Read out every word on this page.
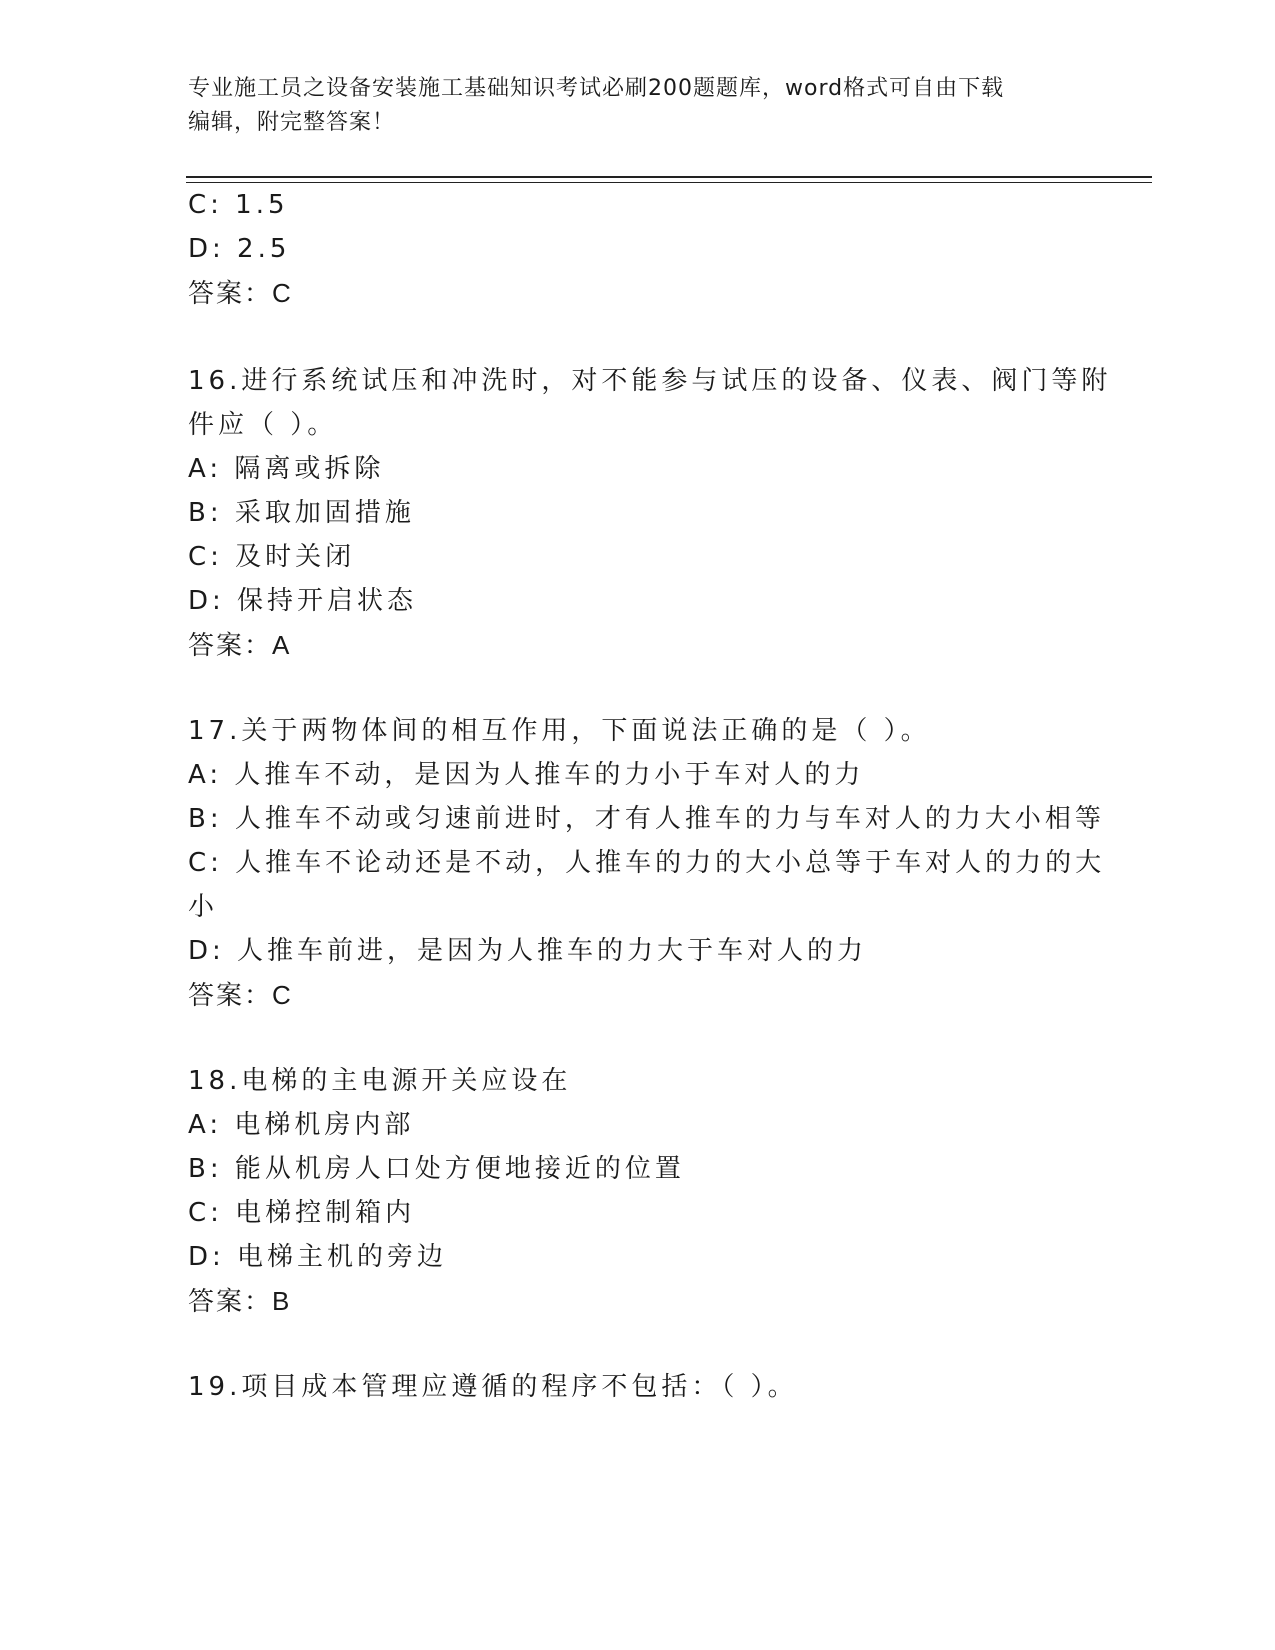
专业施工员之设备安装施工基础知识考试必刷200题题库，word格式可自由下载
编辑，附完整答案！
C: 1.5
D: 2.5
答案：C
16.进行系统试压和冲洗时，对不能参与试压的设备、仪表、阀门等附
件应（ ）。
A: 隔离或拆除
B: 采取加固措施
C: 及时关闭
D: 保持开启状态
答案：A
17.关于两物体间的相互作用，下面说法正确的是（ ）。
A: 人推车不动，是因为人推车的力小于车对人的力
B: 人推车不动或匀速前进时，才有人推车的力与车对人的力大小相等
C: 人推车不论动还是不动，人推车的力的大小总等于车对人的力的大
小
D: 人推车前进，是因为人推车的力大于车对人的力
答案：C
18.电梯的主电源开关应设在
A: 电梯机房内部
B: 能从机房人口处方便地接近的位置
C: 电梯控制箱内
D: 电梯主机的旁边
答案：B
19.项目成本管理应遵循的程序不包括：（ ）。
